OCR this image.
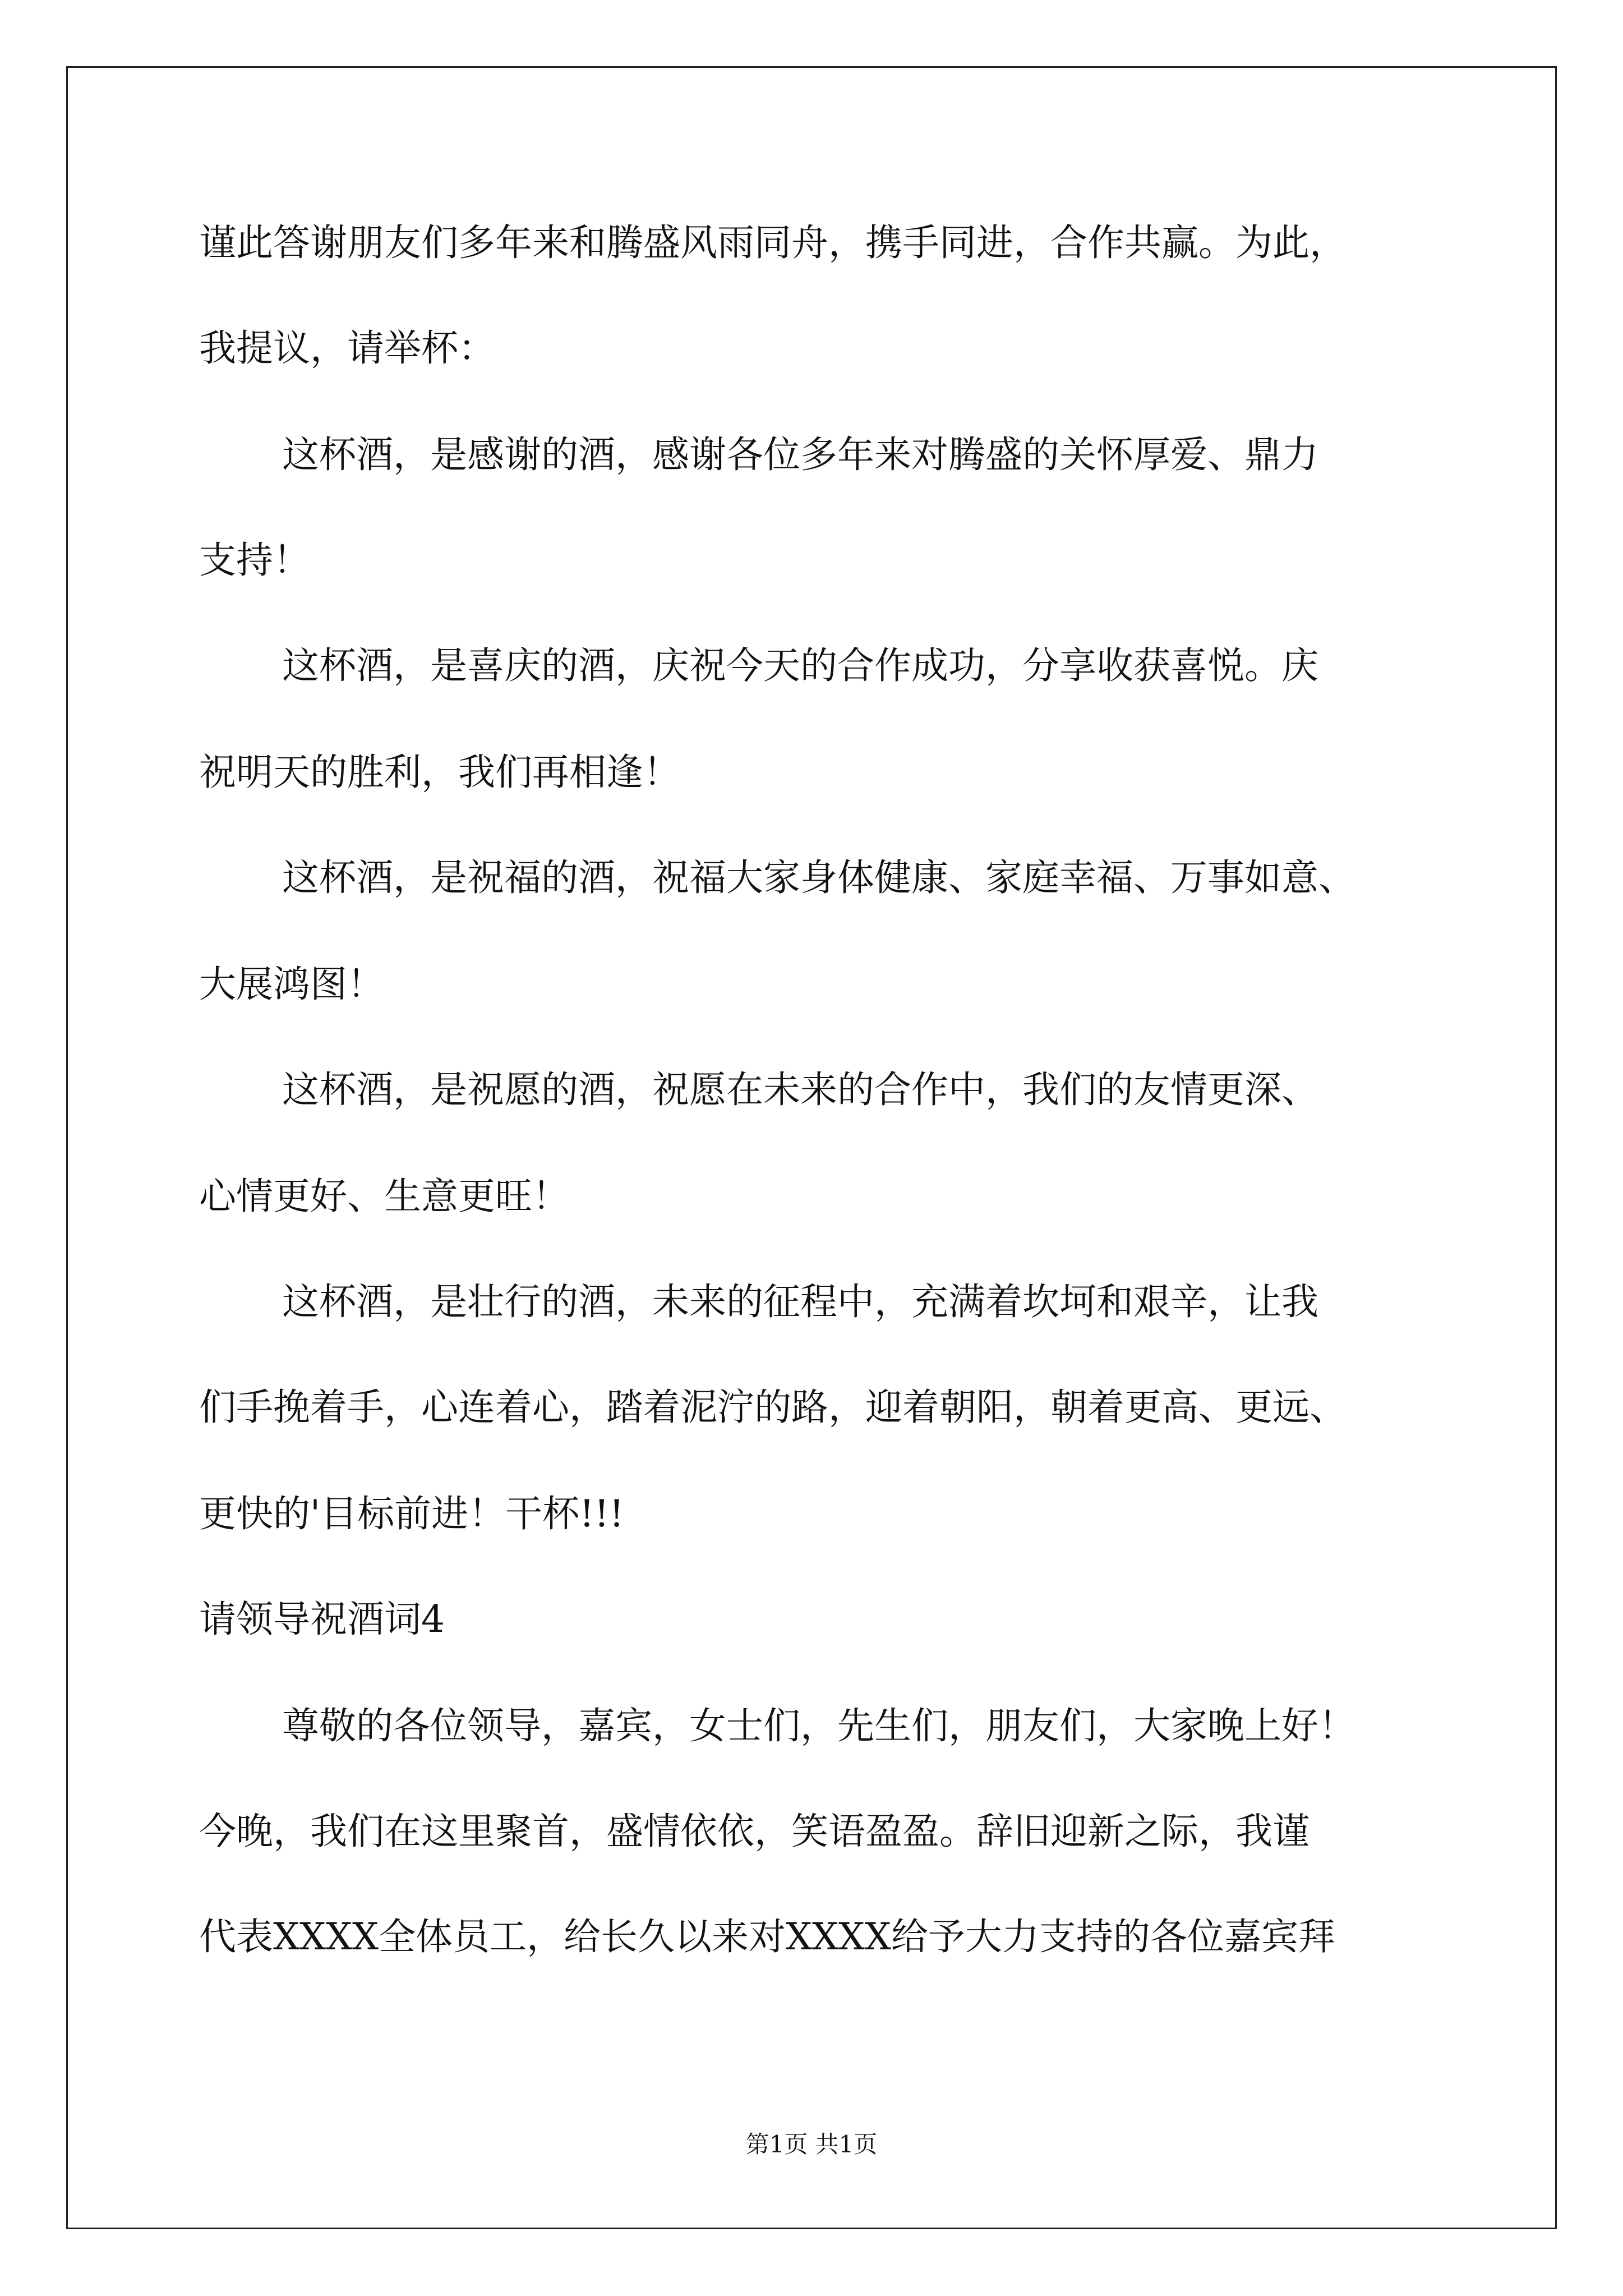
谨此答谢朋友们多年来和腾盛风雨同舟，携手同进，合作共赢。为此，
我提议，请举杯：
这杯酒，是感谢的酒，感谢各位多年来对腾盛的关怀厚爱、鼎力
支持！
这杯酒，是喜庆的酒，庆祝今天的合作成功，分享收获喜悦。庆
祝明天的胜利，我们再相逢！
这杯酒，是祝福的酒，祝福大家身体健康、家庭幸福、万事如意、
大展鸿图！
这杯酒，是祝愿的酒，祝愿在未来的合作中，我们的友情更深、
心情更好、生意更旺！
这杯酒，是壮行的酒，未来的征程中，充满着坎坷和艰辛，让我
们手挽着手，心连着心，踏着泥泞的路，迎着朝阳，朝着更高、更远、
更快的'目标前进！干杯!!!
请领导祝酒词4
尊敬的各位领导，嘉宾，女士们，先生们，朋友们，大家晚上好！
今晚，我们在这里聚首，盛情依依，笑语盈盈。辞旧迎新之际，我谨
代表XXXX全体员工，给长久以来对XXXX给予大力支持的各位嘉宾拜
第1页 共1页
